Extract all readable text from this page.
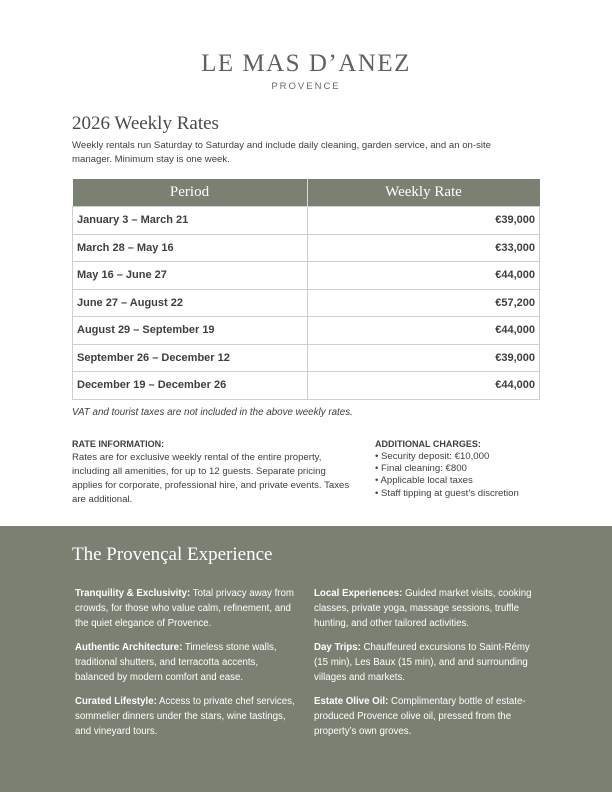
LE MAS D’ANEZ
PROVENCE
2026 Weekly Rates
Weekly rentals run Saturday to Saturday and include daily cleaning, garden service, and an on-site manager. Minimum stay is one week.
Period	Weekly Rate
January 3 – March 21	€39,000
March 28 – May 16	€33,000
May 16 – June 27	€44,000
June 27 – August 22	€57,200
August 29 – September 19	€44,000
September 26 – December 12	€39,000
December 19 – December 26	€44,000
VAT and tourist taxes are not included in the above weekly rates.
RATE INFORMATION:
Rates are for exclusive weekly rental of the entire property, including all amenities, for up to 12 guests. Separate pricing applies for corporate, professional hire, and private events. Taxes are additional.
ADDITIONAL CHARGES:
• Security deposit: €10,000
• Final cleaning: €800
• Applicable local taxes
• Staff tipping at guest’s discretion
The Provençal Experience
Tranquility & Exclusivity: Total privacy away from crowds, for those who value calm, refinement, and the quiet elegance of Provence.
Authentic Architecture: Timeless stone walls, traditional shutters, and terracotta accents, balanced by modern comfort and ease.
Curated Lifestyle: Access to private chef services, sommelier dinners under the stars, wine tastings, and vineyard tours.
Local Experiences: Guided market visits, cooking classes, private yoga, massage sessions, truffle hunting, and other tailored activities.
Day Trips: Chauffeured excursions to Saint-Rémy (15 min), Les Baux (15 min), and and surrounding villages and markets.
Estate Olive Oil: Complimentary bottle of estate-produced Provence olive oil, pressed from the property’s own groves.
